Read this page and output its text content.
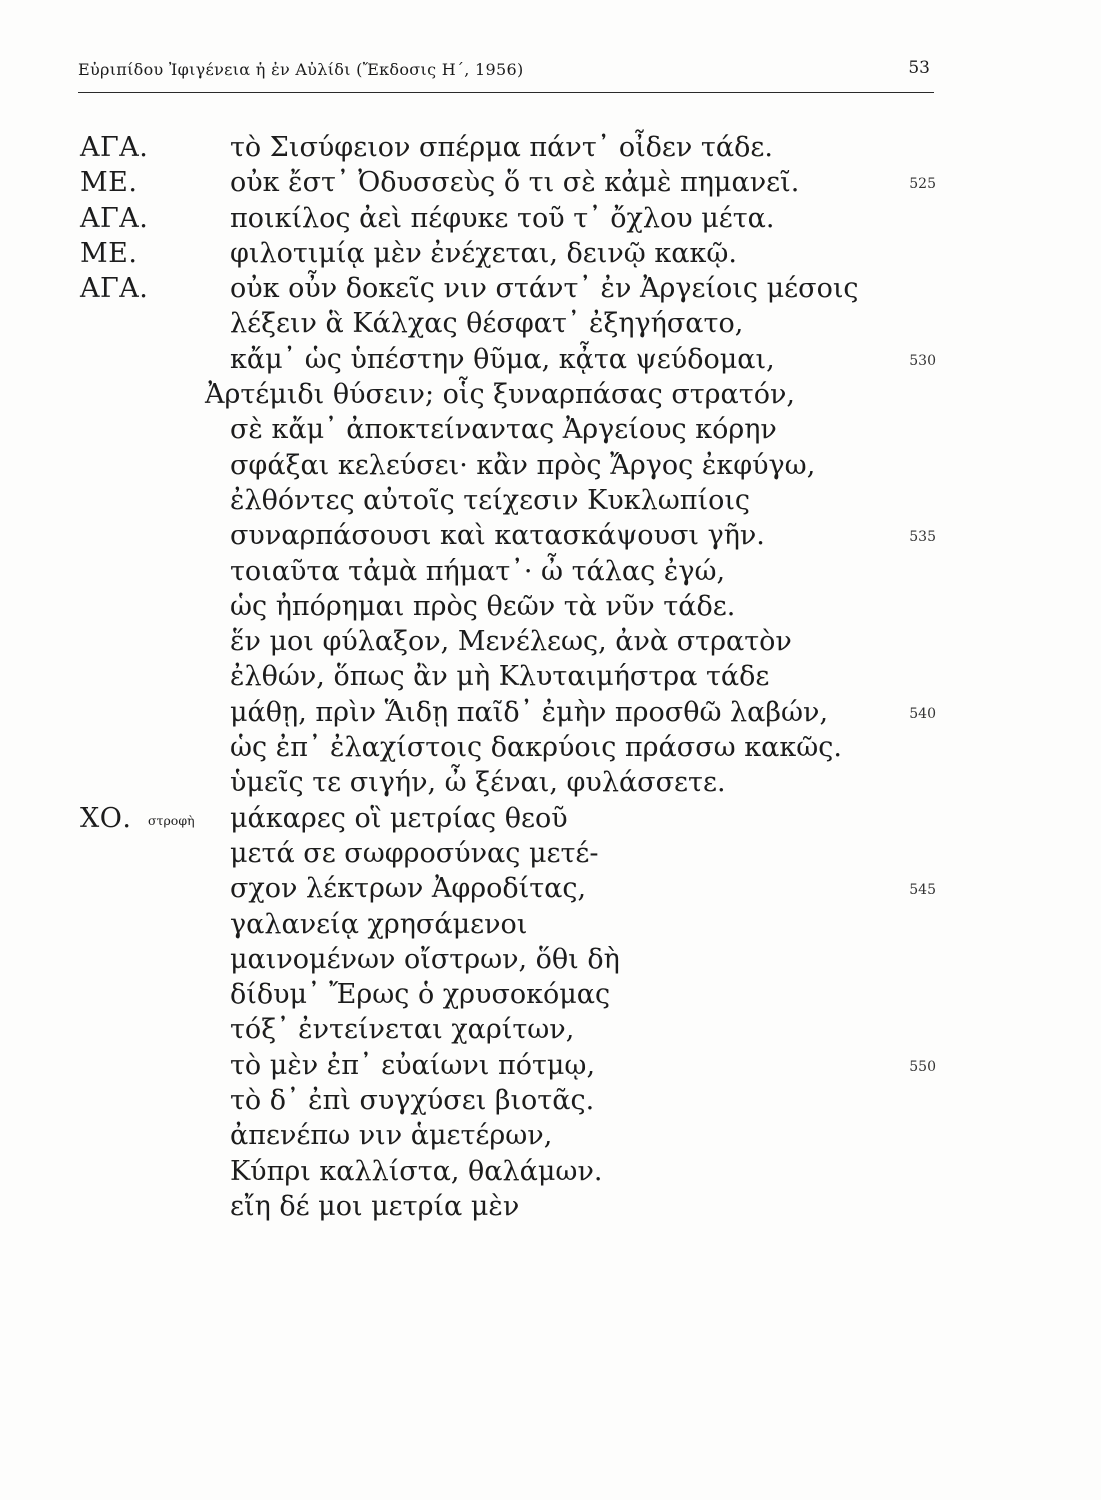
Εὐριπίδου Ἰφιγένεια ἡ ἐν Αὐλίδι (Ἔκδοσις Η΄, 1956)	53
ΑΓΑ.	τὸ Σισύφειον σπέρμα πάντ᾽ οἶδεν τάδε.
ΜΕ.	οὐκ ἔστ᾽ Ὀδυσσεὺς ὅ τι σὲ κἀμὲ πημανεῖ.	525
ΑΓΑ.	ποικίλος ἀεὶ πέφυκε τοῦ τ᾽ ὄχλου μέτα.
ΜΕ.	φιλοτιμίᾳ μὲν ἐνέχεται, δεινῷ κακῷ.
ΑΓΑ.	οὐκ οὖν δοκεῖς νιν στάντ᾽ ἐν Ἀργείοις μέσοις
λέξειν ἃ Κάλχας θέσφατ᾽ ἐξηγήσατο,
κἄμ᾽ ὡς ὑπέστην θῦμα, κᾆτα ψεύδομαι,	530
Ἀρτέμιδι θύσειν; οἷς ξυναρπάσας στρατόν,
σὲ κἄμ᾽ ἀποκτείναντας Ἀργείους κόρην
σφάξαι κελεύσει· κἂν πρὸς Ἄργος ἐκφύγω,
ἐλθόντες αὐτοῖς τείχεσιν Κυκλωπίοις
συναρπάσουσι καὶ κατασκάψουσι γῆν.	535
τοιαῦτα τἀμὰ πήματ᾽· ὦ τάλας ἐγώ,
ὡς ἠπόρημαι πρὸς θεῶν τὰ νῦν τάδε.
ἕν μοι φύλαξον, Μενέλεως, ἀνὰ στρατὸν
ἐλθών, ὅπως ἂν μὴ Κλυταιμήστρα τάδε
μάθῃ, πρὶν Ἅιδῃ παῖδ᾽ ἐμὴν προσθῶ λαβών,	540
ὡς ἐπ᾽ ἐλαχίστοις δακρύοις πράσσω κακῶς.
ὑμεῖς τε σιγήν, ὦ ξέναι, φυλάσσετε.
ΧΟ. στροφὴ μάκαρες οἳ μετρίας θεοῦ
μετά σε σωφροσύνας μετέ-
σχον λέκτρων Ἀφροδίτας,	545
γαλανείᾳ χρησάμενοι
μαινομένων οἴστρων, ὅθι δὴ
δίδυμ᾽ Ἔρως ὁ χρυσοκόμας
τόξ᾽ ἐντείνεται χαρίτων,
τὸ μὲν ἐπ᾽ εὐαίωνι πότμῳ,	550
τὸ δ᾽ ἐπὶ συγχύσει βιοτᾶς.
ἀπενέπω νιν ἁμετέρων,
Κύπρι καλλίστα, θαλάμων.
εἴη δέ μοι μετρία μὲν
